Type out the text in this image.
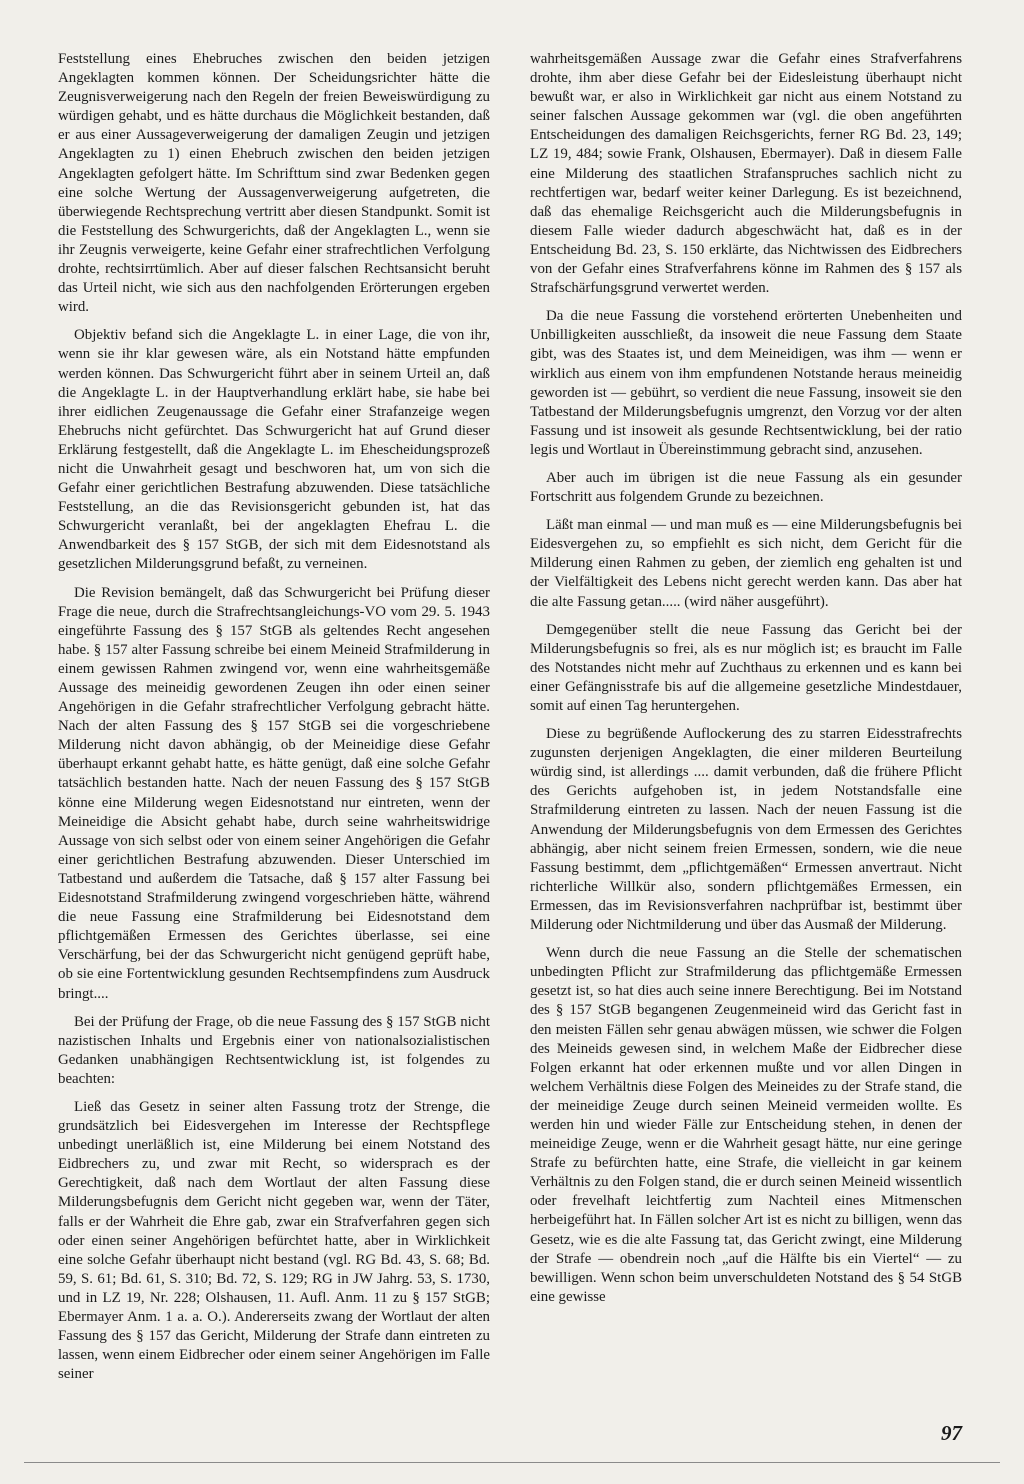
Feststellung eines Ehebruches zwischen den beiden jetzigen Angeklagten kommen können. Der Scheidungsrichter hätte die Zeugnisverweigerung nach den Regeln der freien Beweiswürdigung zu würdigen gehabt, und es hätte durchaus die Möglichkeit bestanden, daß er aus einer Aussageverweigerung der damaligen Zeugin und jetzigen Angeklagten zu 1) einen Ehebruch zwischen den beiden jetzigen Angeklagten gefolgert hätte. Im Schrifttum sind zwar Bedenken gegen eine solche Wertung der Aussagenverweigerung aufgetreten, die überwiegende Rechtsprechung vertritt aber diesen Standpunkt. Somit ist die Feststellung des Schwurgerichts, daß der Angeklagten L., wenn sie ihr Zeugnis verweigerte, keine Gefahr einer strafrechtlichen Verfolgung drohte, rechtsirrtümlich. Aber auf dieser falschen Rechtsansicht beruht das Urteil nicht, wie sich aus den nachfolgenden Erörterungen ergeben wird.

Objektiv befand sich die Angeklagte L. in einer Lage, die von ihr, wenn sie ihr klar gewesen wäre, als ein Notstand hätte empfunden werden können. Das Schwurgericht führt aber in seinem Urteil an, daß die Angeklagte L. in der Hauptverhandlung erklärt habe, sie habe bei ihrer eidlichen Zeugenaussage die Gefahr einer Strafanzeige wegen Ehebruchs nicht gefürchtet. Das Schwurgericht hat auf Grund dieser Erklärung festgestellt, daß die Angeklagte L. im Ehescheidungsprozeß nicht die Unwahrheit gesagt und beschworen hat, um von sich die Gefahr einer gerichtlichen Bestrafung abzuwenden. Diese tatsächliche Feststellung, an die das Revisionsgericht gebunden ist, hat das Schwurgericht veranlaßt, bei der angeklagten Ehefrau L. die Anwendbarkeit des § 157 StGB, der sich mit dem Eidesnotstand als gesetzlichen Milderungsgrund befaßt, zu verneinen.

Die Revision bemängelt, daß das Schwurgericht bei Prüfung dieser Frage die neue, durch die Strafrechtsangleichungs-VO vom 29. 5. 1943 eingeführte Fassung des § 157 StGB als geltendes Recht angesehen habe. § 157 alter Fassung schreibe bei einem Meineid Strafmilderung in einem gewissen Rahmen zwingend vor, wenn eine wahrheitsgemäße Aussage des meineidig gewordenen Zeugen ihn oder einen seiner Angehörigen in die Gefahr strafrechtlicher Verfolgung gebracht hätte. Nach der alten Fassung des § 157 StGB sei die vorgeschriebene Milderung nicht davon abhängig, ob der Meineidige diese Gefahr überhaupt erkannt gehabt hatte, es hätte genügt, daß eine solche Gefahr tatsächlich bestanden hatte. Nach der neuen Fassung des § 157 StGB könne eine Milderung wegen Eidesnotstand nur eintreten, wenn der Meineidige die Absicht gehabt habe, durch seine wahrheitswidrige Aussage von sich selbst oder von einem seiner Angehörigen die Gefahr einer gerichtlichen Bestrafung abzuwenden. Dieser Unterschied im Tatbestand und außerdem die Tatsache, daß § 157 alter Fassung bei Eidesnotstand Strafmilderung zwingend vorgeschrieben hätte, während die neue Fassung eine Strafmilderung bei Eidesnotstand dem pflichtgemäßen Ermessen des Gerichtes überlasse, sei eine Verschärfung, bei der das Schwurgericht nicht genügend geprüft habe, ob sie eine Fortentwicklung gesunden Rechtsempfindens zum Ausdruck bringt....

Bei der Prüfung der Frage, ob die neue Fassung des § 157 StGB nicht nazistischen Inhalts und Ergebnis einer von nationalsozialistischen Gedanken unabhängigen Rechtsentwicklung ist, ist folgendes zu beachten:

Ließ das Gesetz in seiner alten Fassung trotz der Strenge, die grundsätzlich bei Eidesvergehen im Interesse der Rechtspflege unbedingt unerläßlich ist, eine Milderung bei einem Notstand des Eidbrechers zu, und zwar mit Recht, so widersprach es der Gerechtigkeit, daß nach dem Wortlaut der alten Fassung diese Milderungsbefugnis dem Gericht nicht gegeben war, wenn der Täter, falls er der Wahrheit die Ehre gab, zwar ein Strafverfahren gegen sich oder einen seiner Angehörigen befürchtet hatte, aber in Wirklichkeit eine solche Gefahr überhaupt nicht bestand (vgl. RG Bd. 43, S. 68; Bd. 59, S. 61; Bd. 61, S. 310; Bd. 72, S. 129; RG in JW Jahrg. 53, S. 1730, und in LZ 19, Nr. 228; Olshausen, 11. Aufl. Anm. 11 zu § 157 StGB; Ebermayer Anm. 1 a. a. O.). Andererseits zwang der Wortlaut der alten Fassung des § 157 das Gericht, Milderung der Strafe dann eintreten zu lassen, wenn einem Eidbrecher oder einem seiner Angehörigen im Falle seiner

wahrheitsgemäßen Aussage zwar die Gefahr eines Strafverfahrens drohte, ihm aber diese Gefahr bei der Eidesleistung überhaupt nicht bewußt war, er also in Wirklichkeit gar nicht aus einem Notstand zu seiner falschen Aussage gekommen war (vgl. die oben angeführten Entscheidungen des damaligen Reichsgerichts, ferner RG Bd. 23, 149; LZ 19, 484; sowie Frank, Olshausen, Ebermayer). Daß in diesem Falle eine Milderung des staatlichen Strafanspruches sachlich nicht zu rechtfertigen war, bedarf weiter keiner Darlegung. Es ist bezeichnend, daß das ehemalige Reichsgericht auch die Milderungsbefugnis in diesem Falle wieder dadurch abgeschwächt hat, daß es in der Entscheidung Bd. 23, S. 150 erklärte, das Nichtwissen des Eidbrechers von der Gefahr eines Strafverfahrens könne im Rahmen des § 157 als Strafschärfungsgrund verwertet werden.

Da die neue Fassung die vorstehend erörterten Unebenheiten und Unbilligkeiten ausschließt, da insoweit die neue Fassung dem Staate gibt, was des Staates ist, und dem Meineidigen, was ihm — wenn er wirklich aus einem von ihm empfundenen Notstande heraus meineidig geworden ist — gebührt, so verdient die neue Fassung, insoweit sie den Tatbestand der Milderungsbefugnis umgrenzt, den Vorzug vor der alten Fassung und ist insoweit als gesunde Rechtsentwicklung, bei der ratio legis und Wortlaut in Übereinstimmung gebracht sind, anzusehen.

Aber auch im übrigen ist die neue Fassung als ein gesunder Fortschritt aus folgendem Grunde zu bezeichnen.

Läßt man einmal — und man muß es — eine Milderungsbefugnis bei Eidesvergehen zu, so empfiehlt es sich nicht, dem Gericht für die Milderung einen Rahmen zu geben, der ziemlich eng gehalten ist und der Vielfältigkeit des Lebens nicht gerecht werden kann. Das aber hat die alte Fassung getan..... (wird näher ausgeführt).

Demgegenüber stellt die neue Fassung das Gericht bei der Milderungsbefugnis so frei, als es nur möglich ist; es braucht im Falle des Notstandes nicht mehr auf Zuchthaus zu erkennen und es kann bei einer Gefängnisstrafe bis auf die allgemeine gesetzliche Mindestdauer, somit auf einen Tag heruntergehen.

Diese zu begrüßende Auflockerung des zu starren Eidesstrafrechts zugunsten derjenigen Angeklagten, die einer milderen Beurteilung würdig sind, ist allerdings .... damit verbunden, daß die frühere Pflicht des Gerichts aufgehoben ist, in jedem Notstandsfalle eine Strafmilderung eintreten zu lassen. Nach der neuen Fassung ist die Anwendung der Milderungsbefugnis von dem Ermessen des Gerichtes abhängig, aber nicht seinem freien Ermessen, sondern, wie die neue Fassung bestimmt, dem „pflichtgemäßen“ Ermessen anvertraut. Nicht richterliche Willkür also, sondern pflichtgemäßes Ermessen, ein Ermessen, das im Revisionsverfahren nachprüfbar ist, bestimmt über Milderung oder Nichtmilderung und über das Ausmaß der Milderung.

Wenn durch die neue Fassung an die Stelle der schematischen unbedingten Pflicht zur Strafmilderung das pflichtgemäße Ermessen gesetzt ist, so hat dies auch seine innere Berechtigung. Bei im Notstand des § 157 StGB begangenen Zeugenmeineid wird das Gericht fast in den meisten Fällen sehr genau abwägen müssen, wie schwer die Folgen des Meineids gewesen sind, in welchem Maße der Eidbrecher diese Folgen erkannt hat oder erkennen mußte und vor allen Dingen in welchem Verhältnis diese Folgen des Meineides zu der Strafe stand, die der meineidige Zeuge durch seinen Meineid vermeiden wollte. Es werden hin und wieder Fälle zur Entscheidung stehen, in denen der meineidige Zeuge, wenn er die Wahrheit gesagt hätte, nur eine geringe Strafe zu befürchten hatte, eine Strafe, die vielleicht in gar keinem Verhältnis zu den Folgen stand, die er durch seinen Meineid wissentlich oder frevelhaft leichtfertig zum Nachteil eines Mitmenschen herbeigeführt hat. In Fällen solcher Art ist es nicht zu billigen, wenn das Gesetz, wie es die alte Fassung tat, das Gericht zwingt, eine Milderung der Strafe — obendrein noch „auf die Hälfte bis ein Viertel“ — zu bewilligen. Wenn schon beim unverschuldeten Notstand des § 54 StGB eine gewisse

97
